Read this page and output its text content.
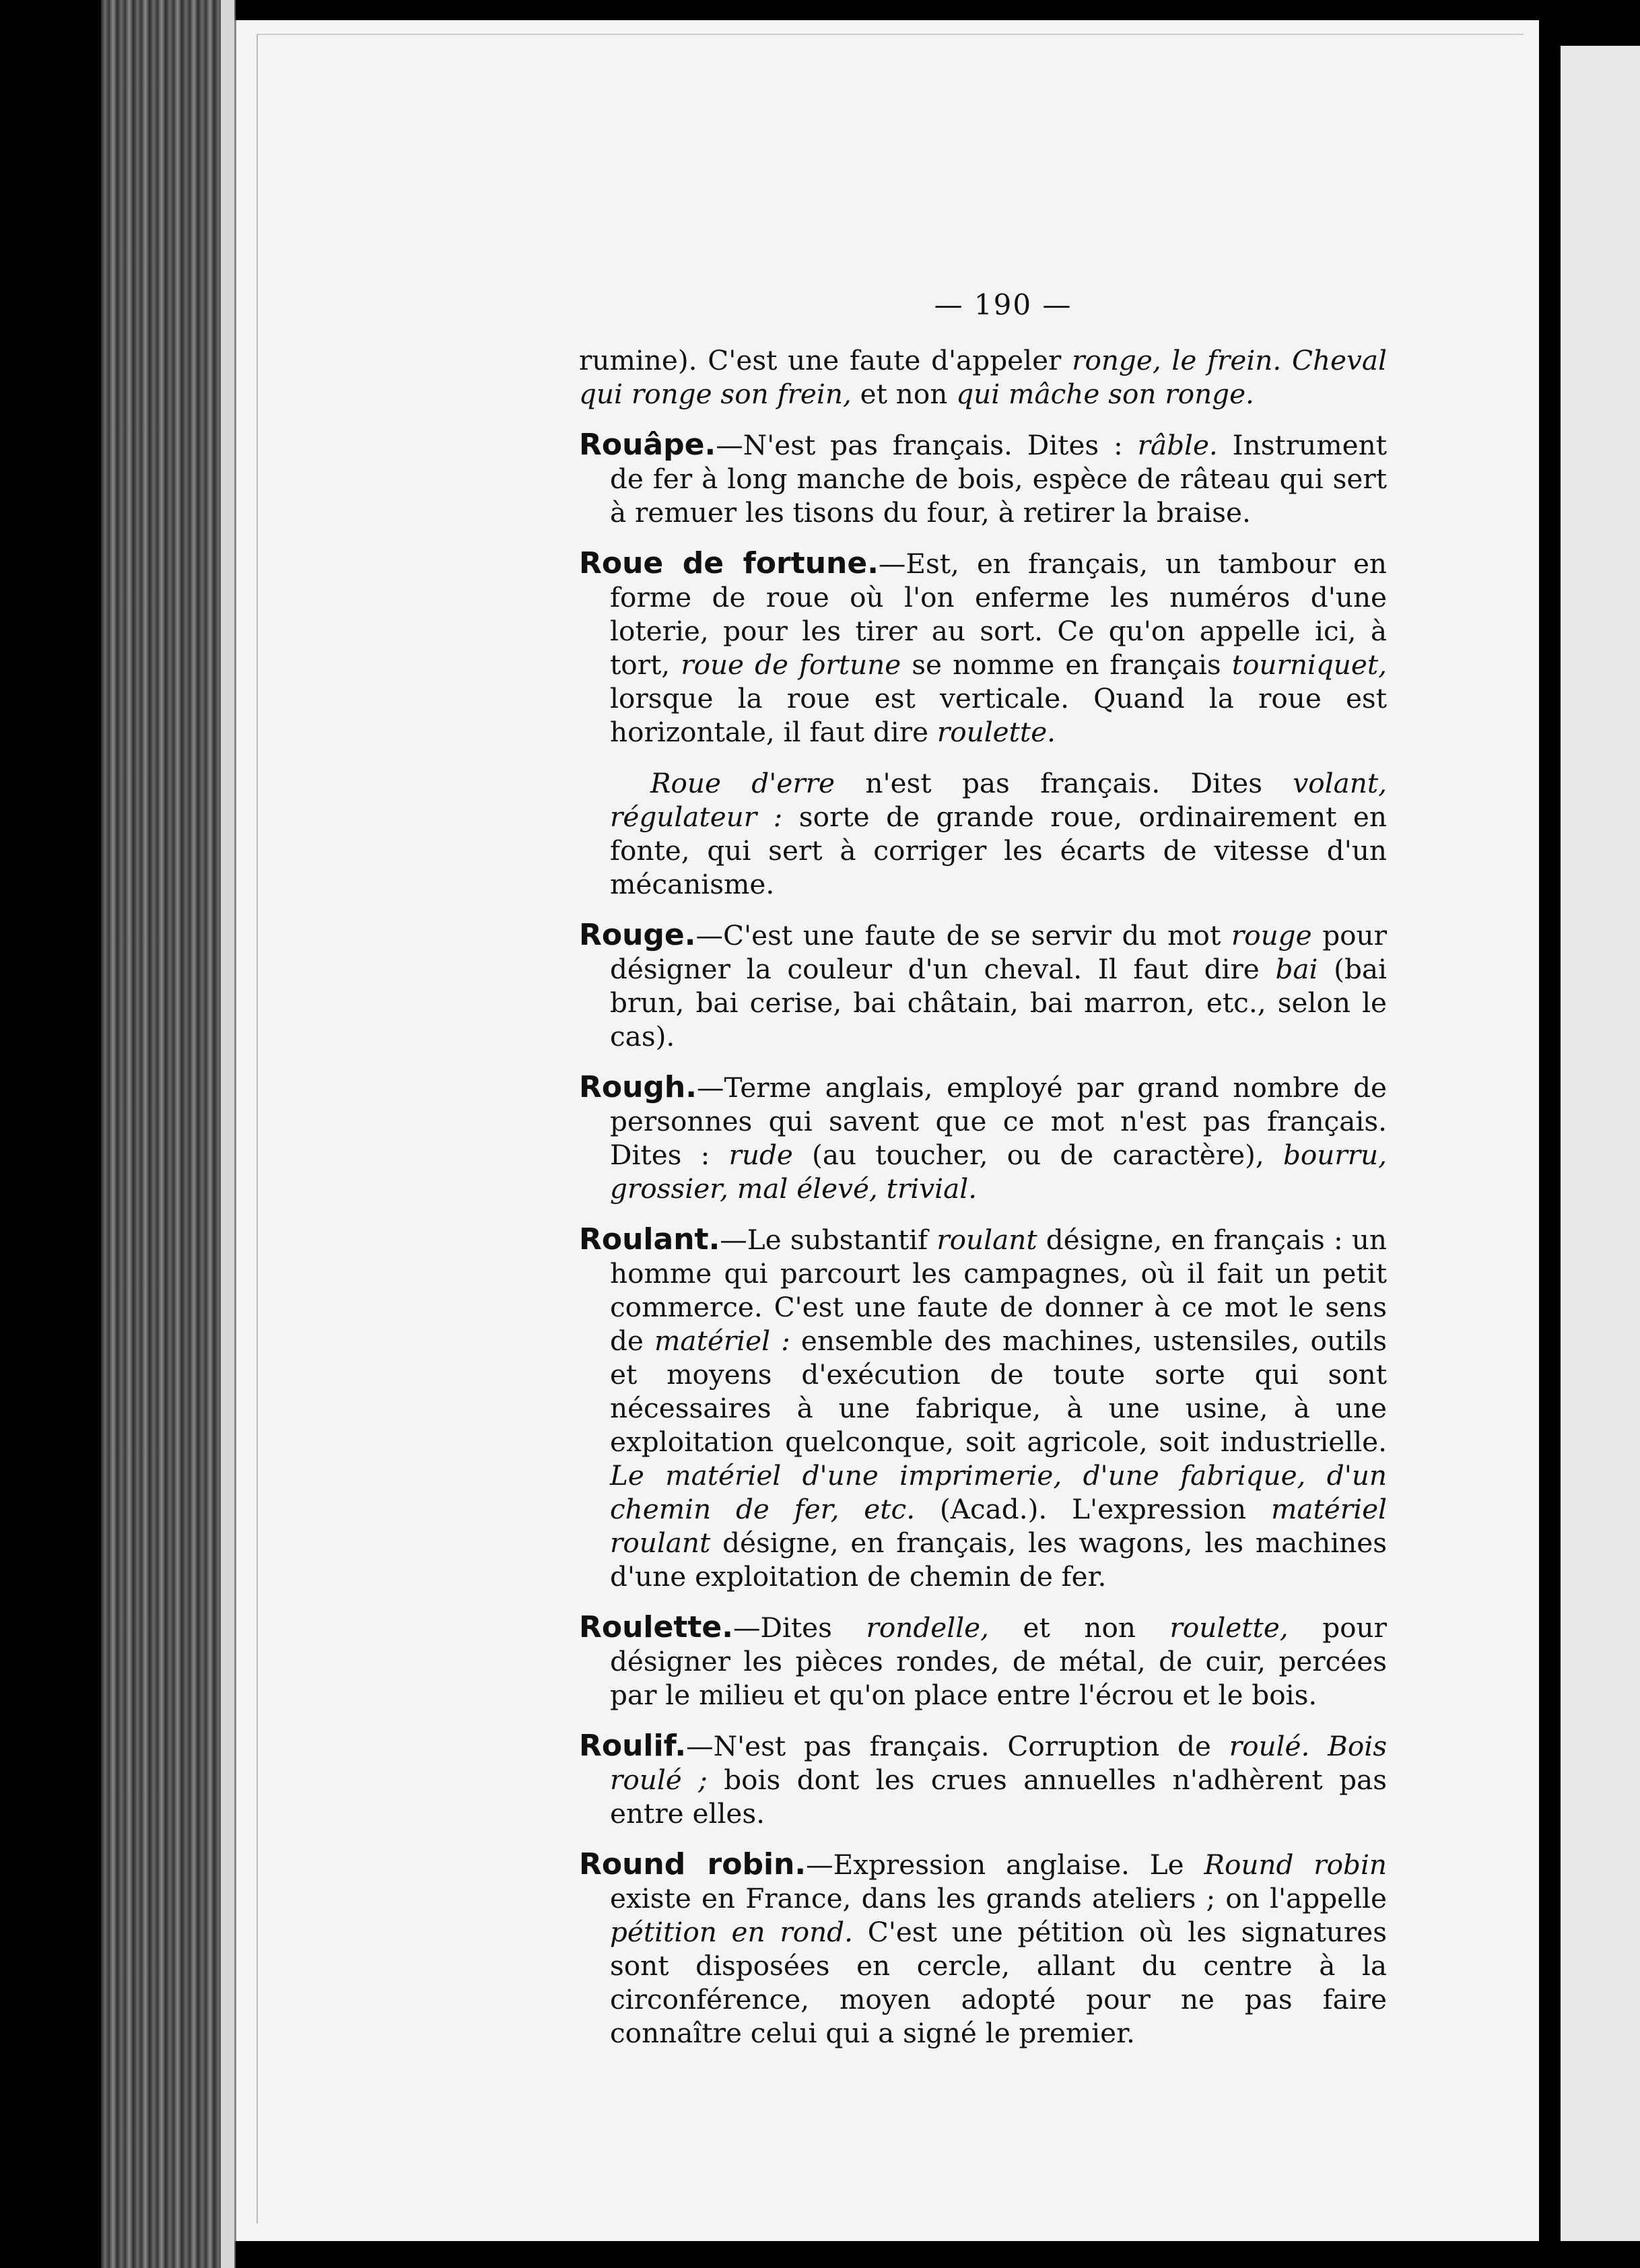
— 190 —

rumine). C'est une faute d'appeler ronge, le frein. Cheval qui ronge son frein, et non qui mâche son ronge.

Rouâpe.—N'est pas français. Dites : râble. Instrument de fer à long manche de bois, espèce de râteau qui sert à remuer les tisons du four, à retirer la braise.

Roue de fortune.—Est, en français, un tambour en forme de roue où l'on enferme les numéros d'une loterie, pour les tirer au sort. Ce qu'on appelle ici, à tort, roue de fortune se nomme en français tourniquet, lorsque la roue est verticale. Quand la roue est horizontale, il faut dire roulette.

Roue d'erre n'est pas français. Dites volant, régulateur : sorte de grande roue, ordinairement en fonte, qui sert à corriger les écarts de vitesse d'un mécanisme.

Rouge.—C'est une faute de se servir du mot rouge pour désigner la couleur d'un cheval. Il faut dire bai (bai brun, bai cerise, bai châtain, bai marron, etc., selon le cas).

Rough.—Terme anglais, employé par grand nombre de personnes qui savent que ce mot n'est pas français. Dites : rude (au toucher, ou de caractère), bourru, grossier, mal élevé, trivial.

Roulant.—Le substantif roulant désigne, en français : un homme qui parcourt les campagnes, où il fait un petit commerce. C'est une faute de donner à ce mot le sens de matériel : ensemble des machines, ustensiles, outils et moyens d'exécution de toute sorte qui sont nécessaires à une fabrique, à une usine, à une exploitation quelconque, soit agricole, soit industrielle. Le matériel d'une imprimerie, d'une fabrique, d'un chemin de fer, etc. (Acad.). L'expression matériel roulant désigne, en français, les wagons, les machines d'une exploitation de chemin de fer.

Roulette.—Dites rondelle, et non roulette, pour désigner les pièces rondes, de métal, de cuir, percées par le milieu et qu'on place entre l'écrou et le bois.

Roulif.—N'est pas français. Corruption de roulé. Bois roulé ; bois dont les crues annuelles n'adhèrent pas entre elles.

Round robin.—Expression anglaise. Le Round robin existe en France, dans les grands ateliers ; on l'appelle pétition en rond. C'est une pétition où les signatures sont disposées en cercle, allant du centre à la circonférence, moyen adopté pour ne pas faire connaître celui qui a signé le premier.
